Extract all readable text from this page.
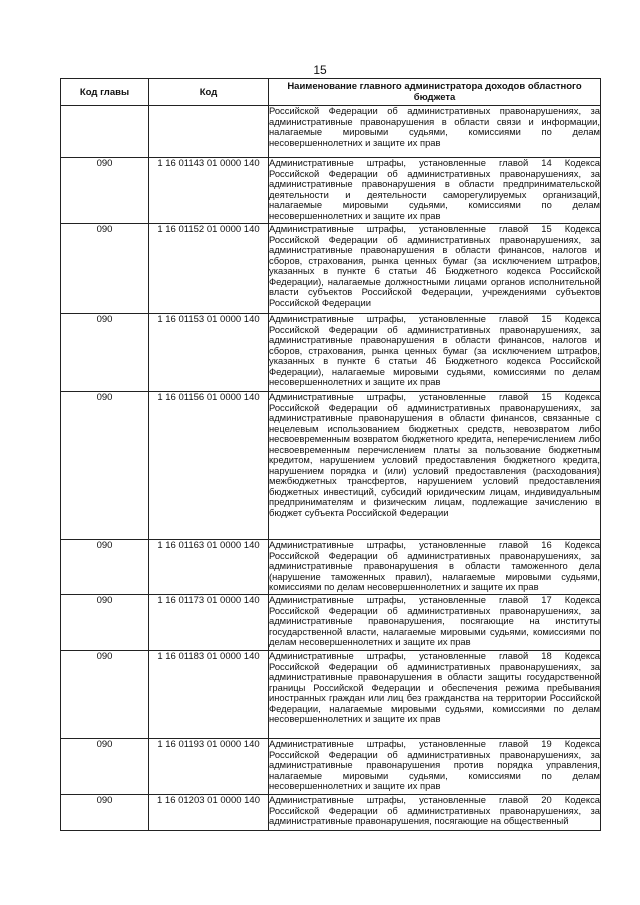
15
Код главы	Код	Наименование главного администратора доходов областного бюджета
		Российской Федерации об административных правонарушениях, за административные правонарушения в области связи и информации, налагаемые мировыми судьями, комиссиями по делам несовершеннолетних и защите их прав
090	1 16 01143 01 0000 140	Административные штрафы, установленные главой 14 Кодекса Российской Федерации об административных правонарушениях, за административные правонарушения в области предпринимательской деятельности и деятельности саморегулируемых организаций, налагаемые мировыми судьями, комиссиями по делам несовершеннолетних и защите их прав
090	1 16 01152 01 0000 140	Административные штрафы, установленные главой 15 Кодекса Российской Федерации об административных правонарушениях, за административные правонарушения в области финансов, налогов и сборов, страхования, рынка ценных бумаг (за исключением штрафов, указанных в пункте 6 статьи 46 Бюджетного кодекса Российской Федерации), налагаемые должностными лицами органов исполнительной власти субъектов Российской Федерации, учреждениями субъектов Российской Федерации
090	1 16 01153 01 0000 140	Административные штрафы, установленные главой 15 Кодекса Российской Федерации об административных правонарушениях, за административные правонарушения в области финансов, налогов и сборов, страхования, рынка ценных бумаг (за исключением штрафов, указанных в пункте 6 статьи 46 Бюджетного кодекса Российской Федерации), налагаемые мировыми судьями, комиссиями по делам несовершеннолетних и защите их прав
090	1 16 01156 01 0000 140	Административные штрафы, установленные главой 15 Кодекса Российской Федерации об административных правонарушениях, за административные правонарушения в области финансов, связанные с нецелевым использованием бюджетных средств, невозвратом либо несвоевременным возвратом бюджетного кредита, неперечислением либо несвоевременным перечислением платы за пользование бюджетным кредитом, нарушением условий предоставления бюджетного кредита, нарушением порядка и (или) условий предоставления (расходования) межбюджетных трансфертов, нарушением условий предоставления бюджетных инвестиций, субсидий юридическим лицам, индивидуальным предпринимателям и физическим лицам, подлежащие зачислению в бюджет субъекта Российской Федерации
090	1 16 01163 01 0000 140	Административные штрафы, установленные главой 16 Кодекса Российской Федерации об административных правонарушениях, за административные правонарушения в области таможенного дела (нарушение таможенных правил), налагаемые мировыми судьями, комиссиями по делам несовершеннолетних и защите их прав
090	1 16 01173 01 0000 140	Административные штрафы, установленные главой 17 Кодекса Российской Федерации об административных правонарушениях, за административные правонарушения, посягающие на институты государственной власти, налагаемые мировыми судьями, комиссиями по делам несовершеннолетних и защите их прав
090	1 16 01183 01 0000 140	Административные штрафы, установленные главой 18 Кодекса Российской Федерации об административных правонарушениях, за административные правонарушения в области защиты государственной границы Российской Федерации и обеспечения режима пребывания иностранных граждан или лиц без гражданства на территории Российской Федерации, налагаемые мировыми судьями, комиссиями по делам несовершеннолетних и защите их прав
090	1 16 01193 01 0000 140	Административные штрафы, установленные главой 19 Кодекса Российской Федерации об административных правонарушениях, за административные правонарушения против порядка управления, налагаемые мировыми судьями, комиссиями по делам несовершеннолетних и защите их прав
090	1 16 01203 01 0000 140	Административные штрафы, установленные главой 20 Кодекса Российской Федерации об административных правонарушениях, за административные правонарушения, посягающие на общественный
